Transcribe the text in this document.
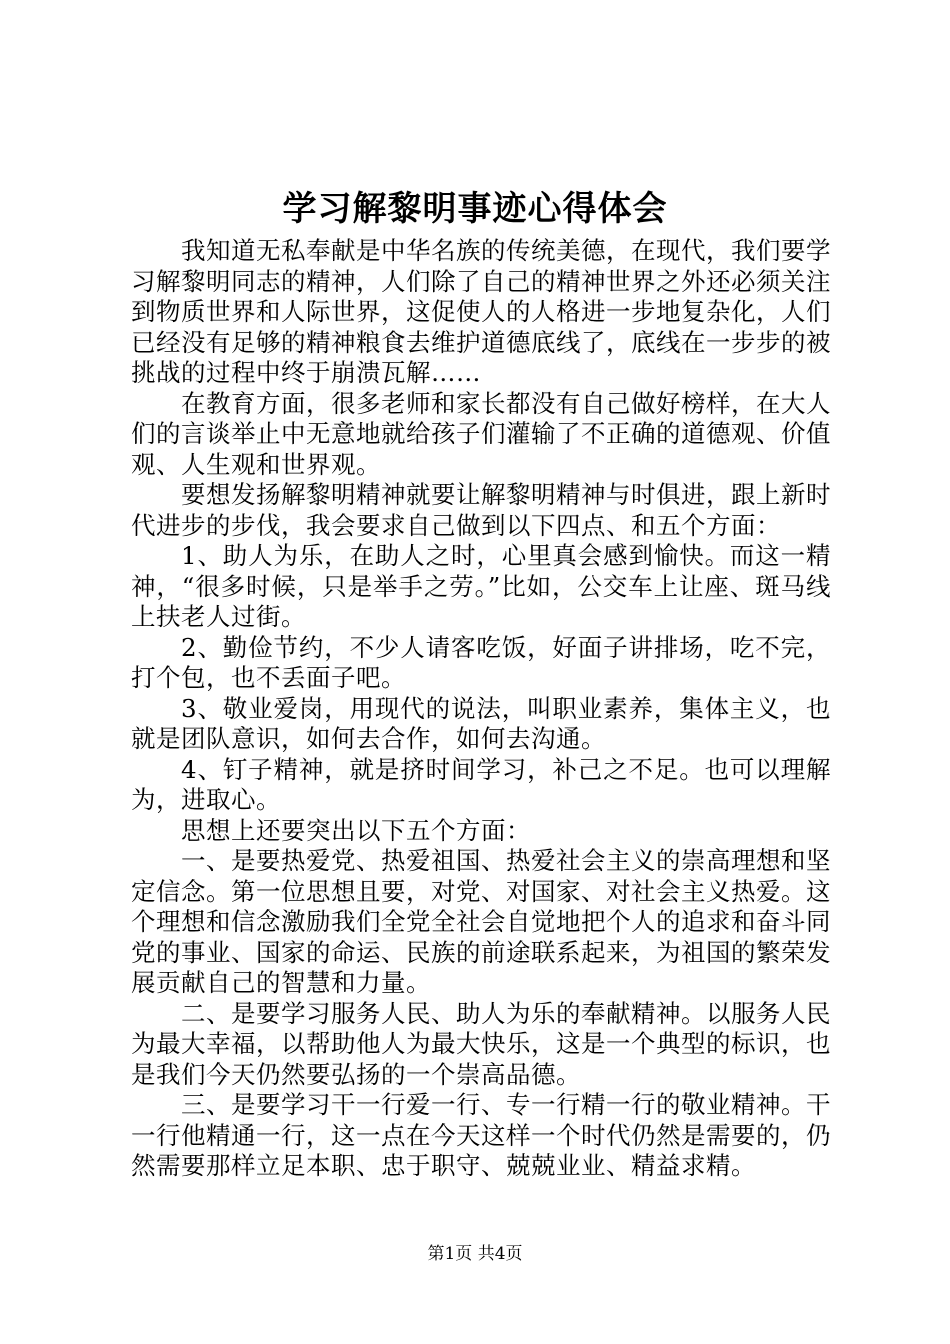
学习解黎明事迹心得体会

我知道无私奉献是中华名族的传统美德，在现代，我们要学习解黎明同志的精神，人们除了自己的精神世界之外还必须关注到物质世界和人际世界，这促使人的人格进一步地复杂化，人们已经没有足够的精神粮食去维护道德底线了，底线在一步步的被挑战的过程中终于崩溃瓦解……

在教育方面，很多老师和家长都没有自己做好榜样，在大人们的言谈举止中无意地就给孩子们灌输了不正确的道德观、价值观、人生观和世界观。

要想发扬解黎明精神就要让解黎明精神与时俱进，跟上新时代进步的步伐，我会要求自己做到以下四点、和五个方面：

1、助人为乐，在助人之时，心里真会感到愉快。而这一精神，“很多时候，只是举手之劳。”比如，公交车上让座、斑马线上扶老人过街。

2、勤俭节约，不少人请客吃饭，好面子讲排场，吃不完，打个包，也不丢面子吧。

3、敬业爱岗，用现代的说法，叫职业素养，集体主义，也就是团队意识，如何去合作，如何去沟通。

4、钉子精神，就是挤时间学习，补己之不足。也可以理解为，进取心。

思想上还要突出以下五个方面：

一、是要热爱党、热爱祖国、热爱社会主义的崇高理想和坚定信念。第一位思想且要，对党、对国家、对社会主义热爱。这个理想和信念激励我们全党全社会自觉地把个人的追求和奋斗同党的事业、国家的命运、民族的前途联系起来，为祖国的繁荣发展贡献自己的智慧和力量。

二、是要学习服务人民、助人为乐的奉献精神。以服务人民为最大幸福，以帮助他人为最大快乐，这是一个典型的标识，也是我们今天仍然要弘扬的一个崇高品德。

三、是要学习干一行爱一行、专一行精一行的敬业精神。干一行他精通一行，这一点在今天这样一个时代仍然是需要的，仍然需要那样立足本职、忠于职守、兢兢业业、精益求精。

第1页 共4页
